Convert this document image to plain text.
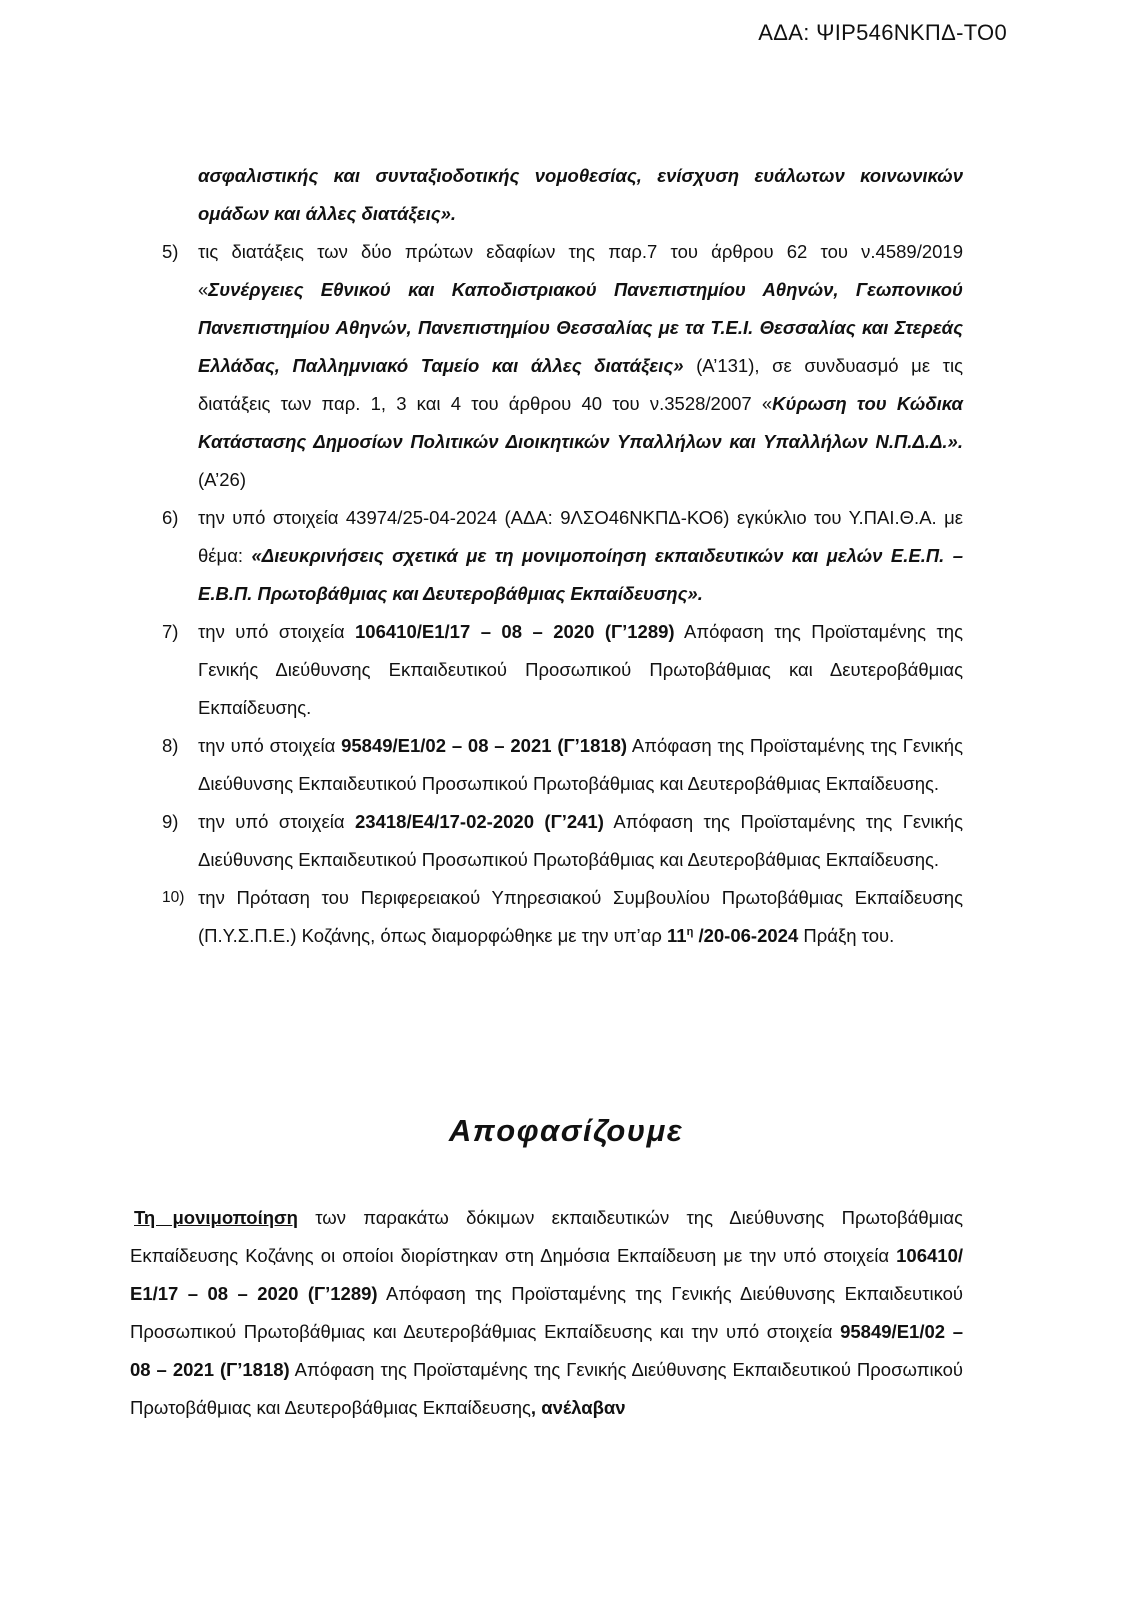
ΑΔΑ: ΨΙΡ546ΝΚΠΔ-ΤΟ0

ασφαλιστικής και συνταξιοδοτικής νομοθεσίας, ενίσχυση ευάλωτων κοινωνικών ομάδων και άλλες διατάξεις».

5)	τις διατάξεις των δύο πρώτων εδαφίων της παρ.7 του άρθρου 62 του ν.4589/2019 «Συνέργειες Εθνικού και Καποδιστριακού Πανεπιστημίου Αθηνών, Γεωπονικού Πανεπιστημίου Αθηνών, Πανεπιστημίου Θεσσαλίας με τα Τ.Ε.Ι. Θεσσαλίας και Στερεάς Ελλάδας, Παλλημνιακό Ταμείο και άλλες διατάξεις» (Α’131), σε συνδυασμό με τις διατάξεις των παρ. 1, 3 και 4 του άρθρου 40 του ν.3528/2007 «Κύρωση του Κώδικα Κατάστασης Δημοσίων Πολιτικών Διοικητικών Υπαλλήλων και Υπαλλήλων Ν.Π.Δ.Δ.».(Α’26)
6)	την υπό στοιχεία 43974/25-04-2024 (ΑΔΑ: 9ΛΣΟ46ΝΚΠΔ-ΚΟ6) εγκύκλιο του Υ.ΠΑΙ.Θ.Α. με θέμα: «Διευκρινήσεις σχετικά με τη μονιμοποίηση εκπαιδευτικών και μελών Ε.Ε.Π. – Ε.Β.Π. Πρωτοβάθμιας και Δευτεροβάθμιας Εκπαίδευσης».
7)	την υπό στοιχεία 106410/Ε1/17 – 08 – 2020 (Γ’1289) Απόφαση της Προϊσταμένης της Γενικής Διεύθυνσης Εκπαιδευτικού Προσωπικού Πρωτοβάθμιας και Δευτεροβάθμιας Εκπαίδευσης.
8)	την υπό στοιχεία 95849/Ε1/02 – 08 – 2021 (Γ’1818) Απόφαση της Προϊσταμένης της Γενικής Διεύθυνσης Εκπαιδευτικού Προσωπικού Πρωτοβάθμιας και Δευτεροβάθμιας Εκπαίδευσης.
9)	την υπό στοιχεία 23418/Ε4/17-02-2020 (Γ’241) Απόφαση της Προϊσταμένης της Γενικής Διεύθυνσης Εκπαιδευτικού Προσωπικού Πρωτοβάθμιας και Δευτεροβάθμιας Εκπαίδευσης.
10) την Πρόταση του Περιφερειακού Υπηρεσιακού Συμβουλίου Πρωτοβάθμιας Εκπαίδευσης (Π.Υ.Σ.Π.Ε.) Κοζάνης, όπως διαμορφώθηκε με την υπ’αρ $11^\eta$ /20-06-2024 Πράξη του.
Αποφασίζουμε

Τη μονιμοποίηση των παρακάτω δόκιμων εκπαιδευτικών της Διεύθυνσης Πρωτοβάθμιας Εκπαίδευσης Κοζάνης οι οποίοι διορίστηκαν στη Δημόσια Εκπαίδευση με την υπό στοιχεία 106410/Ε1/17 – 08 – 2020 (Γ’1289) Απόφαση της Προϊσταμένης της Γενικής Διεύθυνσης Εκπαιδευτικού Προσωπικού Πρωτοβάθμιας και Δευτεροβάθμιας Εκπαίδευσης και την υπό στοιχεία 95849/Ε1/02 – 08 – 2021 (Γ’1818) Απόφαση της Προϊσταμένης της Γενικής Διεύθυνσης Εκπαιδευτικού Προσωπικού Πρωτοβάθμιας και Δευτεροβάθμιας Εκπαίδευσης, ανέλαβαν
